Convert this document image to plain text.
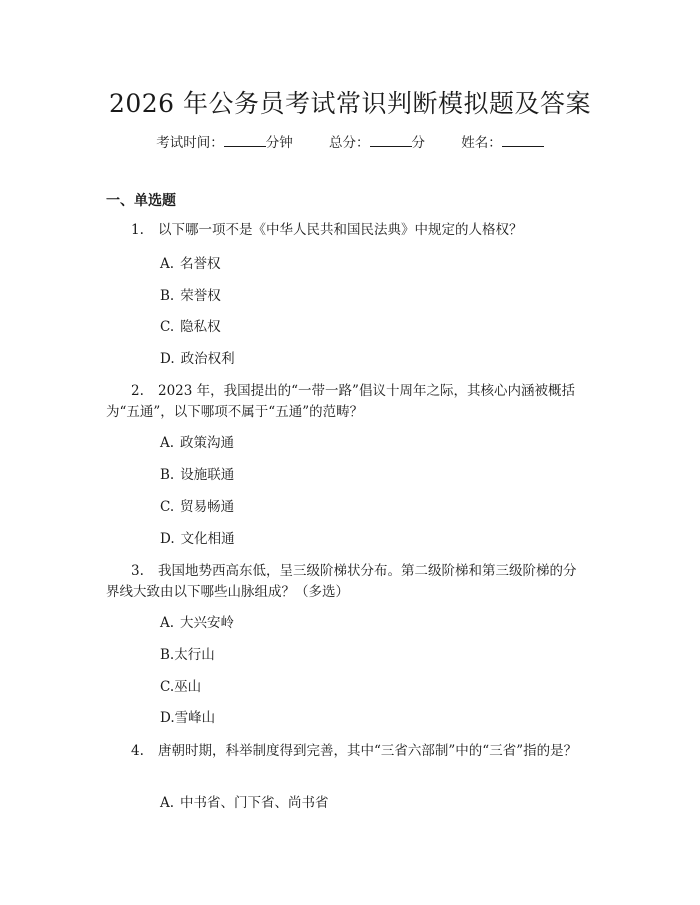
2026 年公务员考试常识判断模拟题及答案
考试时间：	分钟	总分：	分	姓名：
一、单选题
1. 以下哪一项不是《中华人民共和国民法典》中规定的人格权？
A. 名誉权
B. 荣誉权
C. 隐私权
D. 政治权利
2. 2023 年，我国提出的“一带一路”倡议十周年之际，其核心内涵被概括为“五通”，以下哪项不属于“五通”的范畴？
A. 政策沟通
B. 设施联通
C. 贸易畅通
D. 文化相通
3. 我国地势西高东低，呈三级阶梯状分布。第二级阶梯和第三级阶梯的分界线大致由以下哪些山脉组成？（多选）
A. 大兴安岭
B.太行山
C.巫山
D.雪峰山
4. 唐朝时期，科举制度得到完善，其中“三省六部制”中的“三省”指的是？
A. 中书省、门下省、尚书省
